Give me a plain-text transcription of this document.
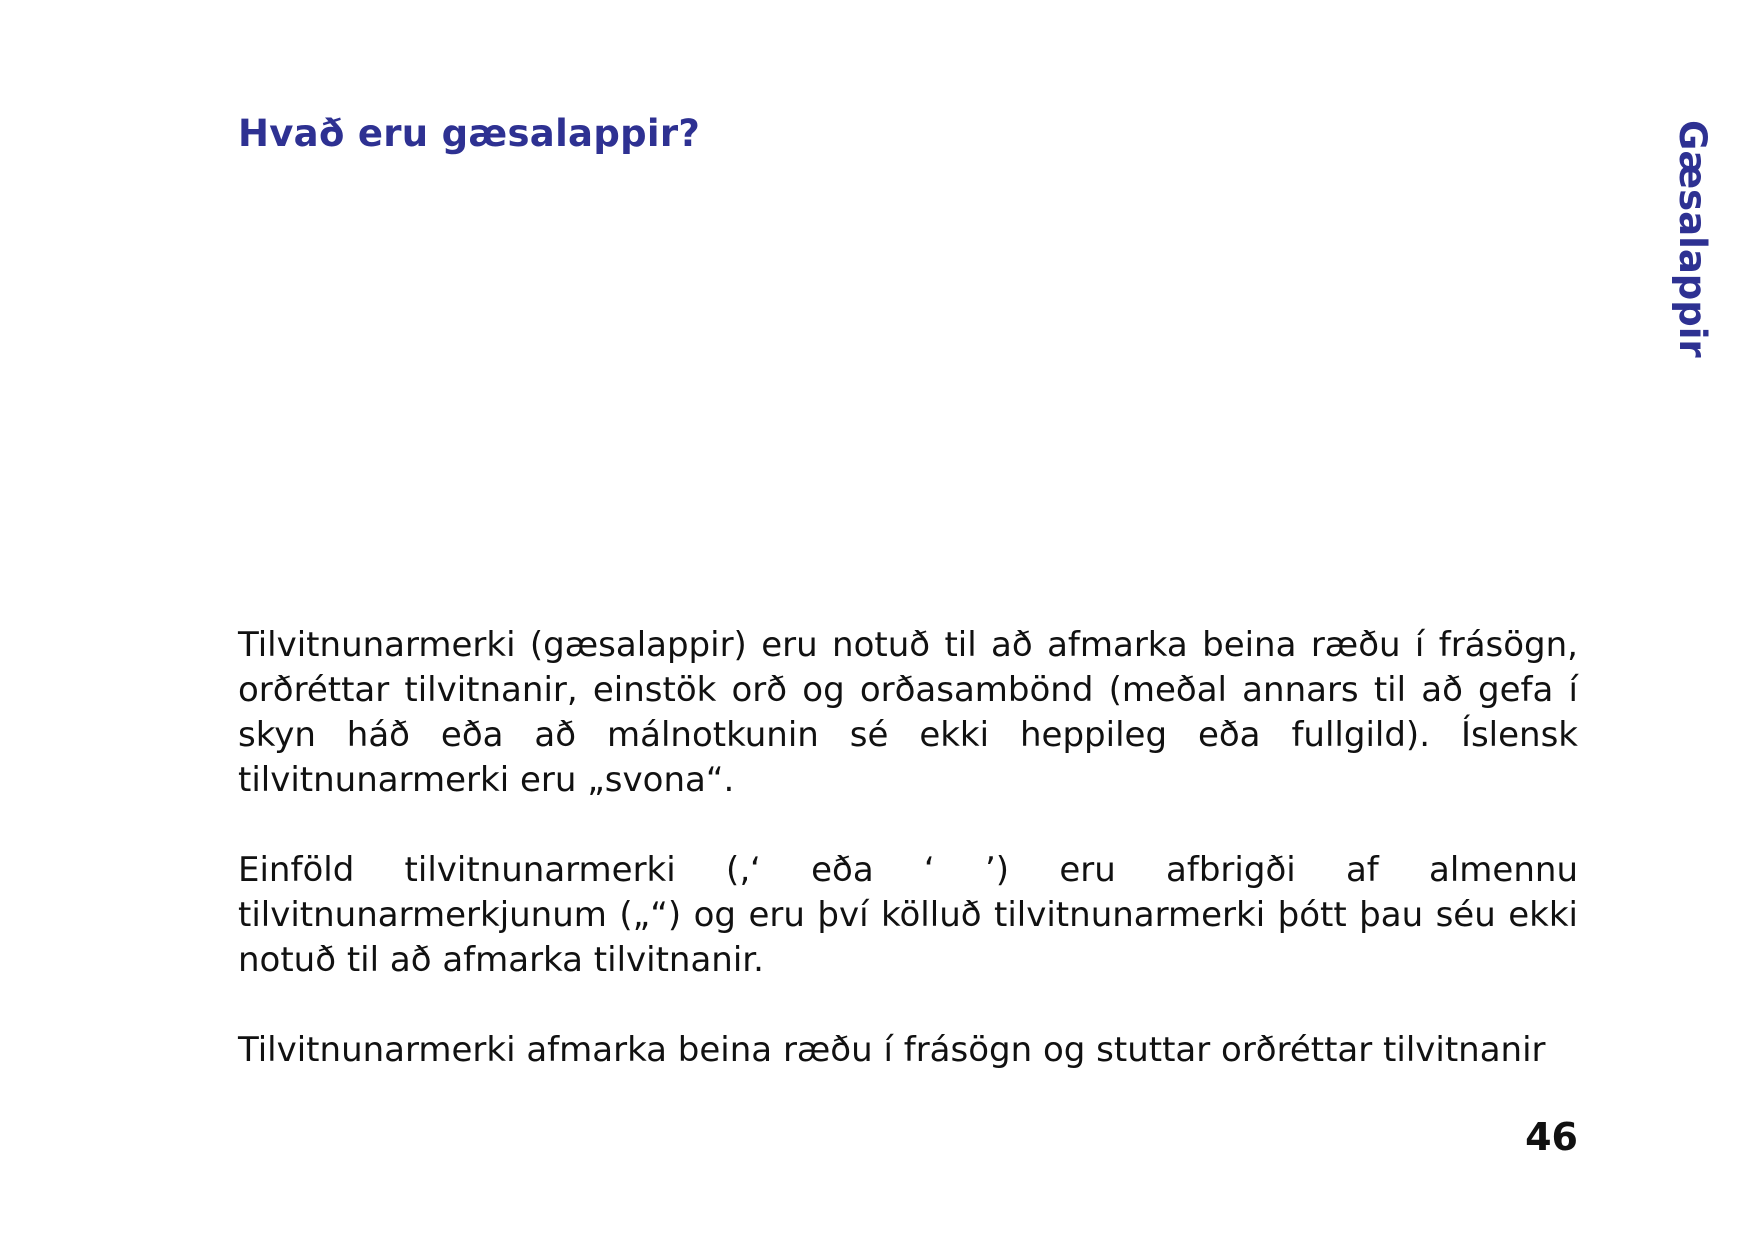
Hvað eru gæsalappir?	Gæsalappir

Tilvitnunarmerki (gæsalappir) eru notuð til að afmarka beina ræðu í frásögn, orðréttar tilvitnanir, einstök orð og orðasambönd (meðal annars til að gefa í skyn háð eða að málnotkunin sé ekki heppileg eða fullgild). Íslensk tilvitnunarmerki eru „svona“.

Einföld tilvitnunarmerki (‚‘ eða ‘ ’) eru afbrigði af almennu tilvitnunarmerkjunum („“) og eru því kölluð tilvitnunarmerki þótt þau séu ekki notuð til að afmarka tilvitnanir.

Tilvitnunarmerki afmarka beina ræðu í frásögn og stuttar orðréttar tilvitnanir

46
